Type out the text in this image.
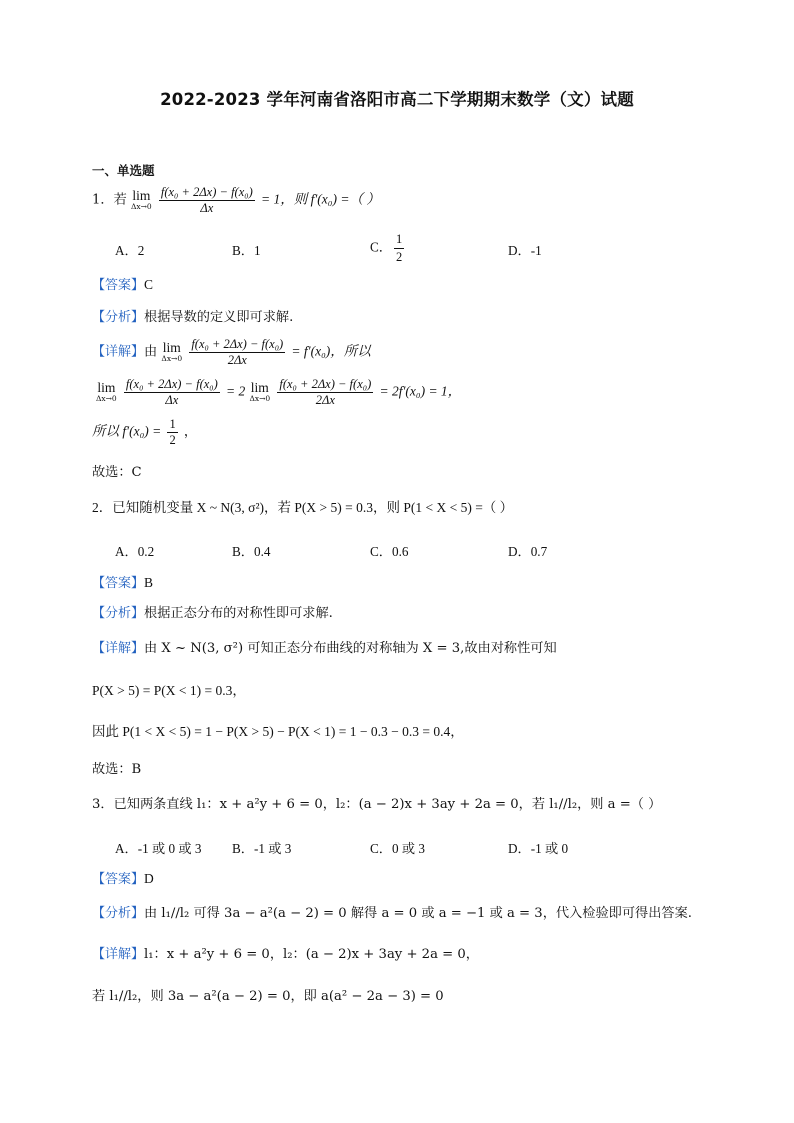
2022-2023 学年河南省洛阳市高二下学期期末数学（文）试题
一、单选题
1．若 lim
Δx→0
$\frac{\text{f(x₀ + 2Δx) − f(x₀)}}{\Delta x} = 1$，则 f′(x₀) =（ ）
A．2	B．1	C． $\frac{1}{2}$	D．-1
【答案】C
【分析】根据导数的定义即可求解.
【详解】由 lim
Δx→0
$\frac{\text{f(x₀ + 2Δx) − f(x₀)}}{2\Delta x} = f'(x_0)$，所以
lim
Δx→0
$\frac{\text{f(x₀ + 2Δx) − f(x₀)}}{\Delta x} = 2$ lim
Δx→0
$\frac{\text{f(x₀ + 2Δx) − f(x₀)}}{2\Delta x} = 2f'(x_0) = 1$，
所以 $f'(x_0) = \frac{1}{2}$ ，
故选：C
2．已知随机变量 X ~ N(3, σ²)，若 P(X > 5) = 0.3，则 P(1 < X < 5) =（ ）
A．0.2	B．0.4	C．0.6	D．0.7
【答案】B
【分析】根据正态分布的对称性即可求解.
【详解】由 X ~ N(3, σ²) 可知正态分布曲线的对称轴为 X = 3,故由对称性可知
P(X > 5) = P(X < 1) = 0.3，
因此 P(1 < X < 5) = 1 − P(X > 5) − P(X < 1) = 1 − 0.3 − 0.3 = 0.4，
故选：B
3．已知两条直线 l₁：x + a²y + 6 = 0，l₂：(a − 2)x + 3ay + 2a = 0，若 l₁//l₂，则 a =（ ）
A．-1 或 0 或 3 B．-1 或 3	C．0 或 3	D．-1 或 0
【答案】D
【分析】由 l₁//l₂ 可得 3a − a²(a − 2) = 0 解得 a = 0 或 a = −1 或 a = 3，代入检验即可得出答案.
【详解】l₁：x + a²y + 6 = 0，l₂：(a − 2)x + 3ay + 2a = 0，
若 l₁//l₂，则 3a − a²(a − 2) = 0，即 a(a² − 2a − 3) = 0
